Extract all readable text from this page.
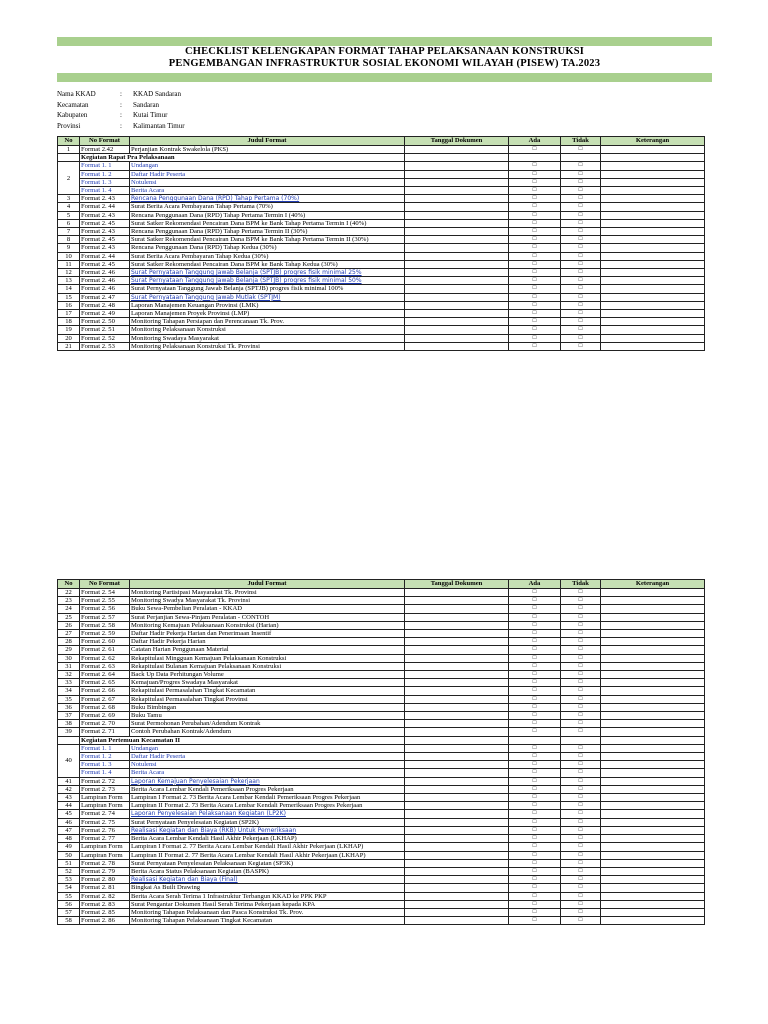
CHECKLIST KELENGKAPAN FORMAT TAHAP PELAKSANAAN KONSTRUKSI
PENGEMBANGAN INFRASTRUKTUR SOSIAL EKONOMI WILAYAH (PISEW) TA.2023
Nama KKAD	:	KKAD Sandaran
Kecamatan	:	Sandaran
Kabupaten	:	Kutai Timur
Provinsi	:	Kalimantan Timur
No	No Format	Judul Format	Tanggal Dokumen	Ada	Tidak	Keterangan
1	Format 2.42	Perjanjian Kontrak Swakelola (PKS)		□	□	
	Kegiatan Rapat Pra Pelaksanaan					
2	Format 1. 1	Undangan		□	□	
	Format 1. 2	Daftar Hadir Peserta		□	□	
	Format 1. 3	Notulensi		□	□	
	Format 1. 4	Berita Acara		□	□	
3	Format 2. 43	Rencana Penggunaan Dana (RPD) Tahap Pertama (70%)		□	□	
4	Format 2. 44	Surat Berita Acara Pembayaran Tahap Pertama (70%)		□	□	
5	Format 2. 43	Rencana Penggunaan Dana (RPD) Tahap Pertama Termin I (40%)		□	□	
6	Format 2. 45	Surat Satker Rekomendasi Pencairan Dana BPM ke Bank Tahap Pertama Termin I (40%)		□	□	
7	Format 2. 43	Rencana Penggunaan Dana (RPD) Tahap Pertama Termin II (30%)		□	□	
8	Format 2. 45	Surat Satker Rekomendasi Pencairan Dana BPM ke Bank Tahap Pertama Termin II (30%)		□	□	
9	Format 2. 43	Rencana Penggunaan Dana (RPD) Tahap Kedua (30%)		□	□	
10	Format 2. 44	Surat Berita Acara Pembayaran Tahap Kedua (30%)		□	□	
11	Format 2. 45	Surat Satker Rekomendasi Pencairan Dana BPM ke Bank Tahap Kedua (30%)		□	□	
12	Format 2. 46	Surat Pernyataan Tanggung Jawab Belanja (SPTJB) progres fisik minimal 25%		□	□	
13	Format 2. 46	Surat Pernyataan Tanggung Jawab Belanja (SPTJB) progres fisik minimal 50%		□	□	
14	Format 2. 46	Surat Pernyataan Tanggung Jawab Belanja (SPTJB) progres fisik minimal 100%		□	□	
15	Format 2. 47	Surat Pernyataan Tanggung Jawab Mutlak (SPTJM)		□	□	
16	Format 2. 48	Laporan Manajemen Keuangan Provinsi (LMK)		□	□	
17	Format 2. 49	Laporan Manajemen Proyek Provinsi (LMP)		□	□	
18	Format 2. 50	Monitoring Tahapan Persiapan dan Perencanaan Tk. Prov.		□	□	
19	Format 2. 51	Monitoring Pelaksanaan Konstruksi		□	□	
20	Format 2. 52	Monitoring Swadaya Masyarakat		□	□	
21	Format 2. 53	Monitoring Pelaksanaan Konstruksi Tk. Provinsi		□	□	
No	No Format	Judul Format	Tanggal Dokumen	Ada	Tidak	Keterangan
22	Format 2. 54	Monitoring Partisipasi Masyarakat Tk. Provinsi		□	□	
23	Format 2. 55	Monitoring Swadya Masyarakat Tk. Provinsi		□	□	
24	Format 2. 56	Buku Sewa-Pembelian Peralatan - KKAD		□	□	
25	Format 2. 57	Surat Perjanjian Sewa-Pinjam Peralatan - CONTOH		□	□	
26	Format 2. 58	Monitoring Kemajuan Pelaksanaan Konstruksi (Harian)		□	□	
27	Format 2. 59	Daftar Hadir Pekerja Harian dan Penerimaan Insentif		□	□	
28	Format 2. 60	Daftar Hadir Pekerja Harian		□	□	
29	Format 2. 61	Catatan Harian Penggunaan Material		□	□	
30	Format 2. 62	Rekapitulasi Mingguan Kemajuan Pelaksanaan Konstruksi		□	□	
31	Format 2. 63	Rekapitulasi Bulanan Kemajuan Pelaksanaan Konstruksi		□	□	
32	Format 2. 64	Back Up Data Perhitungan Volume		□	□	
33	Format 2. 65	Kemajuan/Progres Swadaya Masyarakat		□	□	
34	Format 2. 66	Rekapitulasi Permasalahan Tingkat Kecamatan		□	□	
35	Format 2. 67	Rekapitulasi Permasalahan Tingkat Provinsi		□	□	
36	Format 2. 68	Buku Bimbingan		□	□	
37	Format 2. 69	Buku Tamu		□	□	
38	Format 2. 70	Surat Permohonan Perubahan/Adendum Kontrak		□	□	
39	Format 2. 71	Contoh Perubahan Kontrak/Adendum		□	□	
	Kegiatan Pertemuan Kecamatan II					
40	Format 1. 1	Undangan		□	□	
	Format 1. 2	Daftar Hadir Peserta		□	□	
	Format 1. 3	Notulensi		□	□	
	Format 1. 4	Berita Acara		□	□	
41	Format 2. 72	Laporan Kemajuan Penyelesaian Pekerjaan		□	□	
42	Format 2. 73	Berita Acara Lembar Kendali Pemeriksaan Progres Pekerjaan		□	□	
43	Lampiran Form	Lampiran I Format 2. 73 Berita Acara Lembar Kendali Pemeriksaan Progres Pekerjaan		□	□	
44	Lampiran Form	Lampiran II Format 2. 73 Berita Acara Lembar Kendali Pemeriksaan Progres Pekerjaan		□	□	
45	Format 2. 74	Laporan Penyelesaian Pelaksanaan Kegiatan (LP2K)		□	□	
46	Format 2. 75	Surat Pernyataan Penyelesaian Kegiatan (SP2K)		□	□	
47	Format 2. 76	Realisasi Kegiatan dan Biaya (RKB) Untuk Pemeriksaan		□	□	
48	Format 2. 77	Berita Acara Lembar Kendali Hasil Akhir Pekerjaan (LKHAP)		□	□	
49	Lampiran Form	Lampiran I Format 2. 77 Berita Acara Lembar Kendali Hasil Akhir Pekerjaan (LKHAP)		□	□	
50	Lampiran Form	Lampiran II Format 2. 77 Berita Acara Lembar Kendali Hasil Akhir Pekerjaan (LKHAP)		□	□	
51	Format 2. 78	Surat Pernyataan Penyelesaian Pelaksanaan Kegiatan (SP3K)		□	□	
52	Format 2. 79	Berita Acara Status Pelaksanaan Kegiatan (BASPK)		□	□	
53	Format 2. 80	Realisasi Kegiatan dan Biaya (Final)		□	□	
54	Format 2. 81	Bingkai As Built Drawing		□	□	
55	Format 2. 82	Berita Acara Serah Terima 1 Infrastruktur Terbangun KKAD ke PPK PKP		□	□	
56	Format 2. 83	Surat Pengantar Dokumen Hasil Serah Terima Pekerjaan kepada KPA		□	□	
57	Format 2. 85	Monitoring Tahapan Pelaksanaan dan Pasca Konstruksi Tk. Prov.		□	□	
58	Format 2. 86	Monitoring Tahapan Pelaksanaan Tingkat Kecamatan		□	□	
